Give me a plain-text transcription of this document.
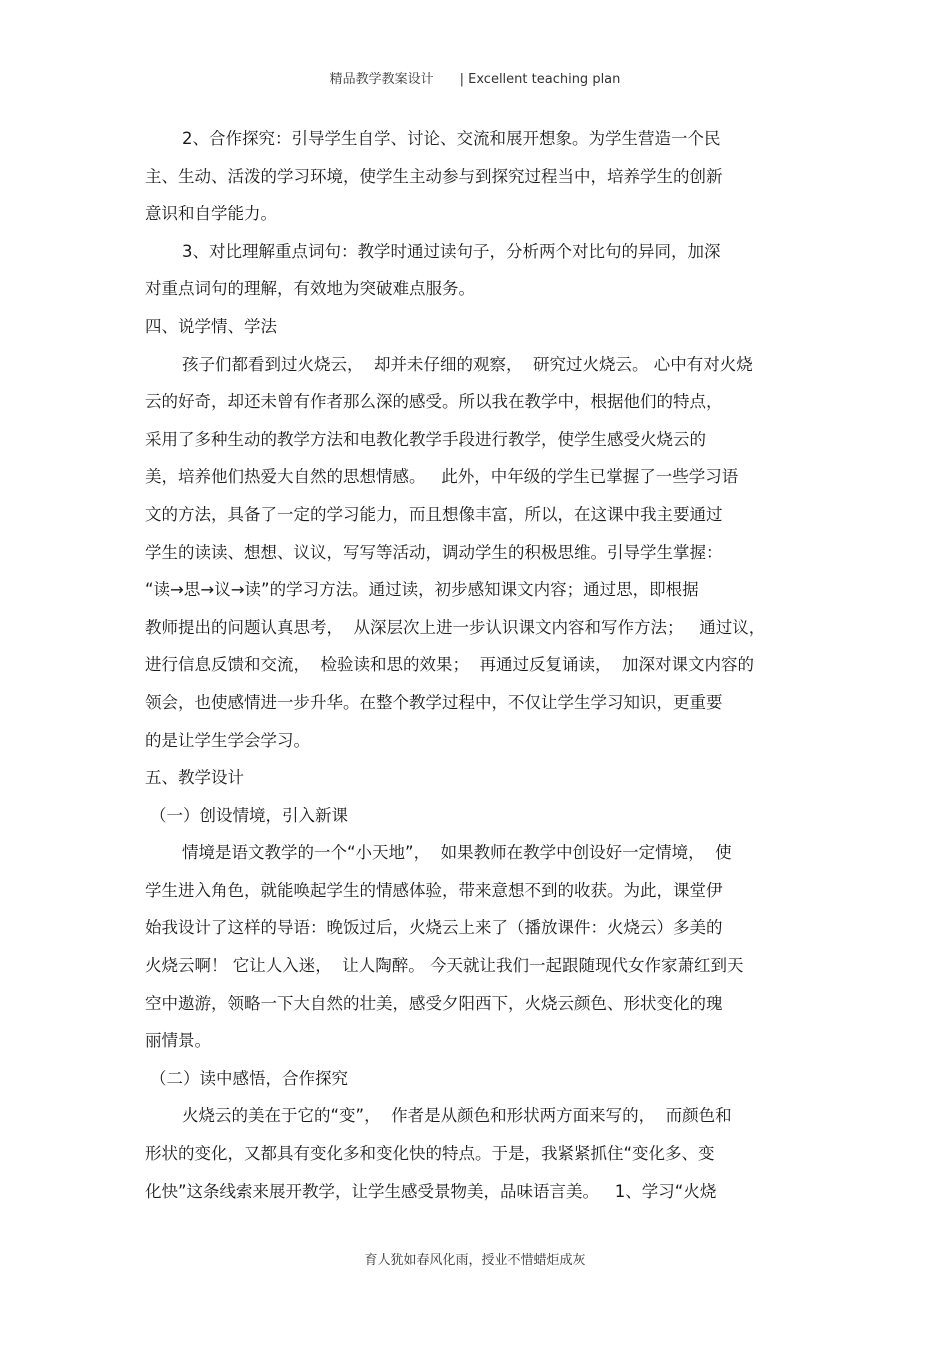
精品教学教案设计 | Excellent teaching plan
2、合作探究：引导学生自学、讨论、交流和展开想象。为学生营造一个民
主、生动、活泼的学习环境，使学生主动参与到探究过程当中，培养学生的创新
意识和自学能力。
3、对比理解重点词句：教学时通过读句子，分析两个对比句的异同，加深
对重点词句的理解，有效地为突破难点服务。
四、说学情、学法
孩子们都看到过火烧云，  却并未仔细的观察，  研究过火烧云。 心中有对火烧
云的好奇，却还未曾有作者那么深的感受。所以我在教学中，根据他们的特点，
采用了多种生动的教学方法和电教化教学手段进行教学，使学生感受火烧云的
美，培养他们热爱大自然的思想情感。   此外，中年级的学生已掌握了一些学习语
文的方法，具备了一定的学习能力，而且想像丰富，所以，在这课中我主要通过
学生的读读、想想、议议，写写等活动，调动学生的积极思维。引导学生掌握：
“读→思→议→读”的学习方法。通过读，初步感知课文内容；通过思，即根据
教师提出的问题认真思考，  从深层次上进一步认识课文内容和写作方法；   通过议，
进行信息反馈和交流，  检验读和思的效果；  再通过反复诵读，  加深对课文内容的
领会，也使感情进一步升华。在整个教学过程中，不仅让学生学习知识，更重要
的是让学生学会学习。
五、教学设计
（一）创设情境，引入新课
情境是语文教学的一个“小天地”，  如果教师在教学中创设好一定情境，  使
学生进入角色，就能唤起学生的情感体验，带来意想不到的收获。为此，课堂伊
始我设计了这样的导语：晚饭过后，火烧云上来了（播放课件：火烧云）多美的
火烧云啊！ 它让人入迷，  让人陶醉。 今天就让我们一起跟随现代女作家萧红到天
空中遨游，领略一下大自然的壮美，感受夕阳西下，火烧云颜色、形状变化的瑰
丽情景。
（二）读中感悟，合作探究
火烧云的美在于它的“变”，  作者是从颜色和形状两方面来写的，  而颜色和
形状的变化，又都具有变化多和变化快的特点。于是，我紧紧抓住“变化多、变
化快”这条线索来展开教学，让学生感受景物美，品味语言美。   1、学习“火烧
育人犹如春风化雨，授业不惜蜡炬成灰
